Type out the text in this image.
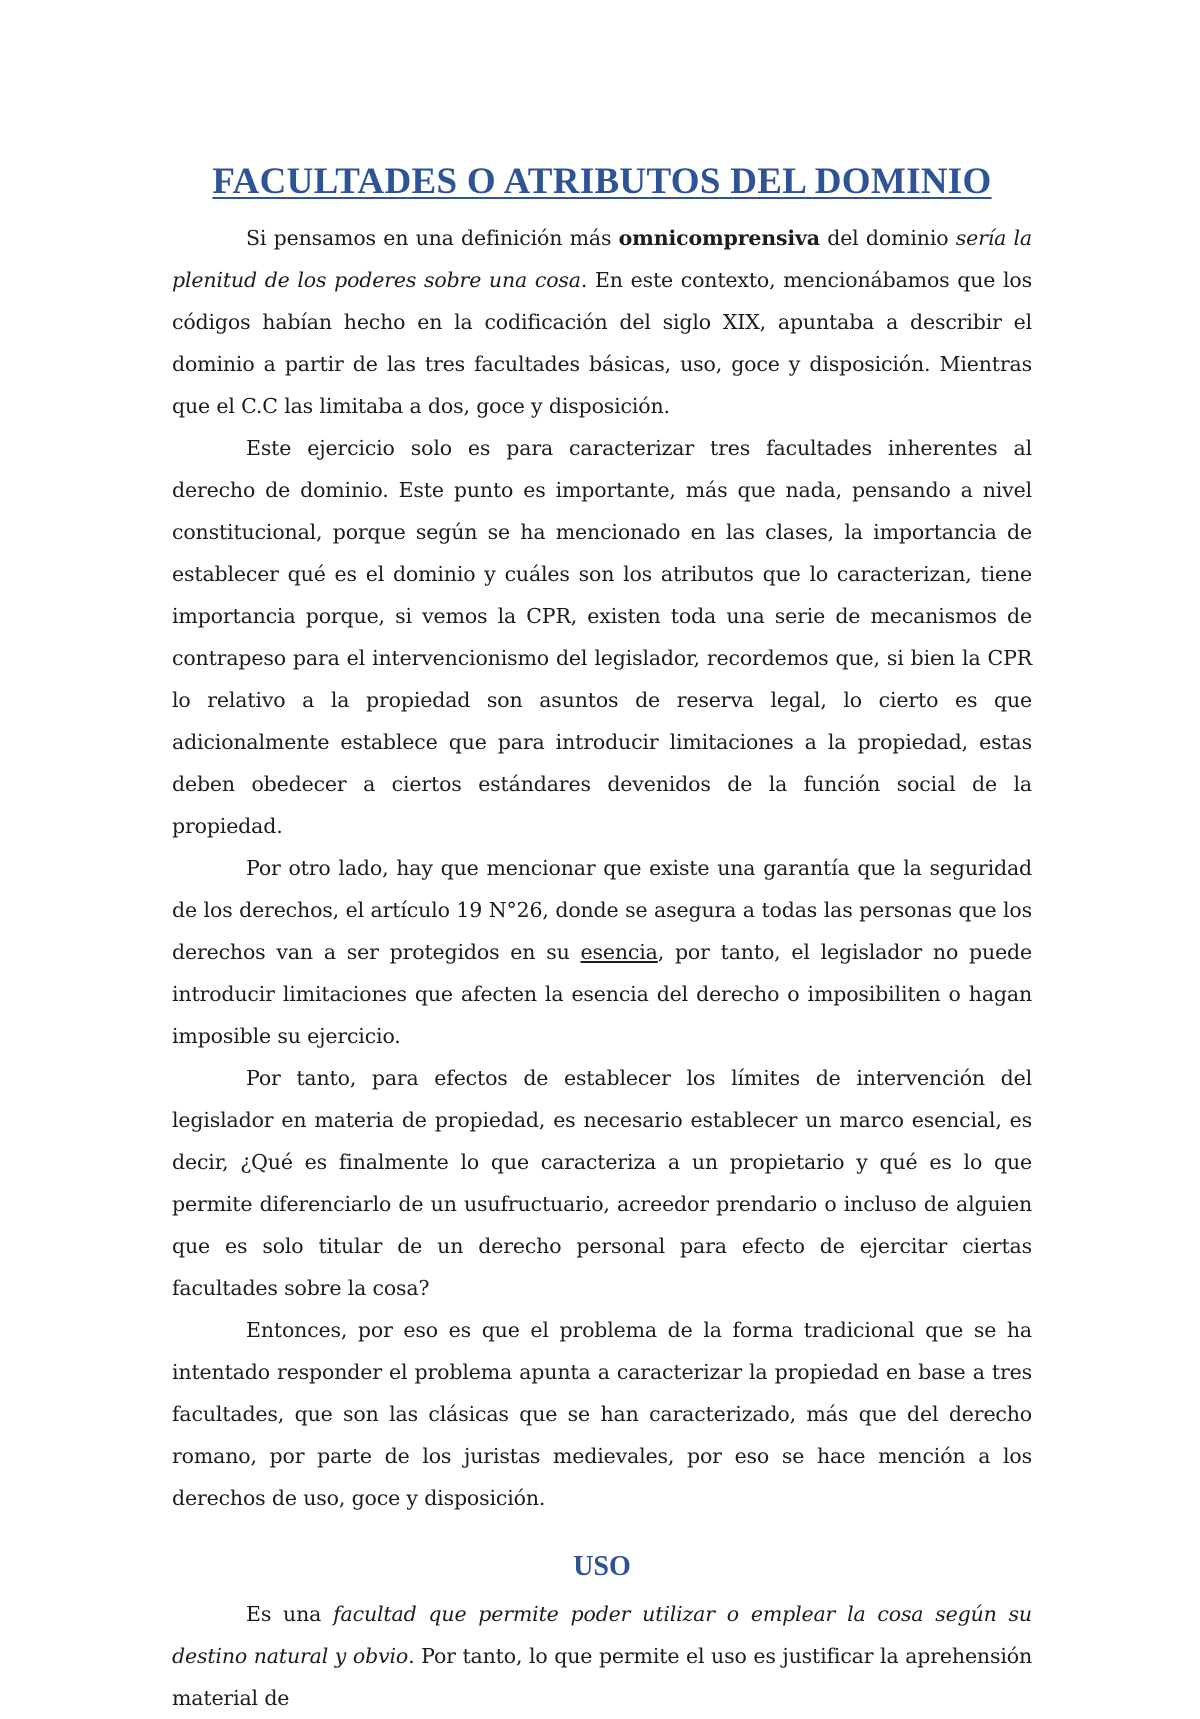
FACULTADES O ATRIBUTOS DEL DOMINIO

Si pensamos en una definición más omnicomprensiva del dominio sería la plenitud de los poderes sobre una cosa. En este contexto, mencionábamos que los códigos habían hecho en la codificación del siglo XIX, apuntaba a describir el dominio a partir de las tres facultades básicas, uso, goce y disposición. Mientras que el C.C las limitaba a dos, goce y disposición.

Este ejercicio solo es para caracterizar tres facultades inherentes al derecho de dominio. Este punto es importante, más que nada, pensando a nivel constitucional, porque según se ha mencionado en las clases, la importancia de establecer qué es el dominio y cuáles son los atributos que lo caracterizan, tiene importancia porque, si vemos la CPR, existen toda una serie de mecanismos de contrapeso para el intervencionismo del legislador, recordemos que, si bien la CPR lo relativo a la propiedad son asuntos de reserva legal, lo cierto es que adicionalmente establece que para introducir limitaciones a la propiedad, estas deben obedecer a ciertos estándares devenidos de la función social de la propiedad.

Por otro lado, hay que mencionar que existe una garantía que la seguridad de los derechos, el artículo 19 N°26, donde se asegura a todas las personas que los derechos van a ser protegidos en su esencia, por tanto, el legislador no puede introducir limitaciones que afecten la esencia del derecho o imposibiliten o hagan imposible su ejercicio.

Por tanto, para efectos de establecer los límites de intervención del legislador en materia de propiedad, es necesario establecer un marco esencial, es decir, ¿Qué es finalmente lo que caracteriza a un propietario y qué es lo que permite diferenciarlo de un usufructuario, acreedor prendario o incluso de alguien que es solo titular de un derecho personal para efecto de ejercitar ciertas facultades sobre la cosa?

Entonces, por eso es que el problema de la forma tradicional que se ha intentado responder el problema apunta a caracterizar la propiedad en base a tres facultades, que son las clásicas que se han caracterizado, más que del derecho romano, por parte de los juristas medievales, por eso se hace mención a los derechos de uso, goce y disposición.

USO

Es una facultad que permite poder utilizar o emplear la cosa según su destino natural y obvio. Por tanto, lo que permite el uso es justificar la aprehensión material de
